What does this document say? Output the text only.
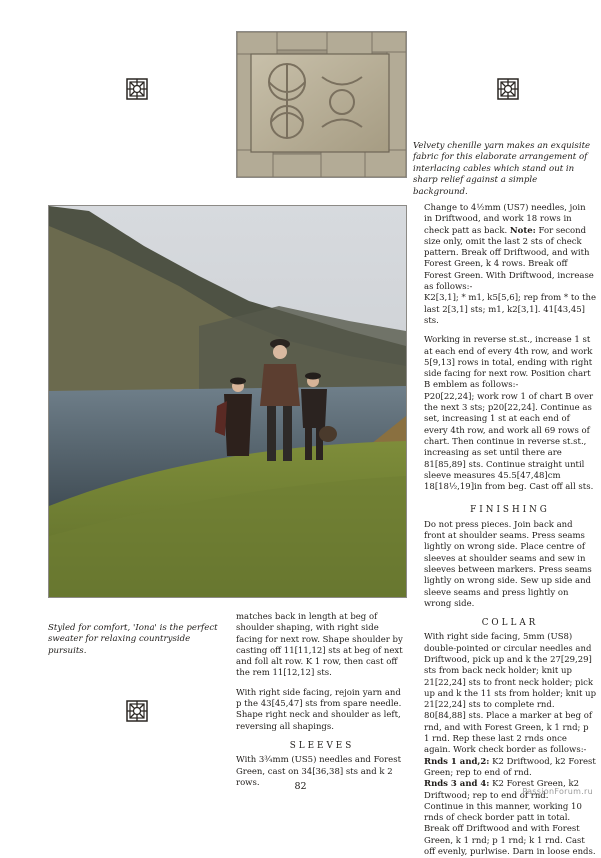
Velvety chenille yarn makes an exquisite fabric for this elaborate arrangement of interlacing cables which stand out in sharp relief against a simple background.
Styled for comfort, 'Iona' is the perfect sweater for relaxing countryside pursuits.

matches back in length at beg of shoulder shaping, with right side facing for next row. Shape shoulder by casting off 11[11,12] sts at beg of next and foll alt row. K 1 row, then cast off the rem 11[12,12] sts.

With right side facing, rejoin yarn and p the 43[45,47] sts from spare needle. Shape right neck and shoulder as left, reversing all shapings.

SLEEVES

With 3¾mm (US5) needles and Forest Green, cast on 34[36,38] sts and k 2 rows.

Change to 4½mm (US7) needles, join in Driftwood, and work 18 rows in check patt as back. Note: For second size only, omit the last 2 sts of check pattern. Break off Driftwood, and with Forest Green, k 4 rows. Break off Forest Green. With Driftwood, increase as follows:-
K2[3,1]; * m1, k5[5,6]; rep from * to the last 2[3,1] sts; m1, k2[3,1]. 41[43,45] sts.

Working in reverse st.st., increase 1 st at each end of every 4th row, and work 5[9,13] rows in total, ending with right side facing for next row. Position chart B emblem as follows:-
P20[22,24]; work row 1 of chart B over the next 3 sts; p20[22,24]. Continue as set, increasing 1 st at each end of every 4th row, and work all 69 rows of chart. Then continue in reverse st.st., increasing as set until there are 81[85,89] sts. Continue straight until sleeve measures 45.5[47,48]cm 18[18½,19]in from beg. Cast off all sts.

FINISHING

Do not press pieces. Join back and front at shoulder seams. Press seams lightly on wrong side. Place centre of sleeves at shoulder seams and sew in sleeves between markers. Press seams lightly on wrong side. Sew up side and sleeve seams and press lightly on wrong side.

COLLAR

With right side facing, 5mm (US8) double-pointed or circular needles and Driftwood, pick up and k the 27[29,29] sts from back neck holder; knit up 21[22,24] sts to front neck holder; pick up and k the 11 sts from holder; knit up 21[22,24] sts to complete rnd. 80[84,88] sts. Place a marker at beg of rnd, and with Forest Green, k 1 rnd; p 1 rnd. Rep these last 2 rnds once again. Work check border as follows:-

Rnds 1 and,2: K2 Driftwood, k2 Forest Green; rep to end of rnd.

Rnds 3 and 4: K2 Forest Green, k2 Driftwood; rep to end of rnd.
Continue in this manner, working 10 rnds of check border patt in total. Break off Driftwood and with Forest Green, k 1 rnd; p 1 rnd; k 1 rnd. Cast off evenly, purlwise. Darn in loose ends.

82	PassionForum.ru
